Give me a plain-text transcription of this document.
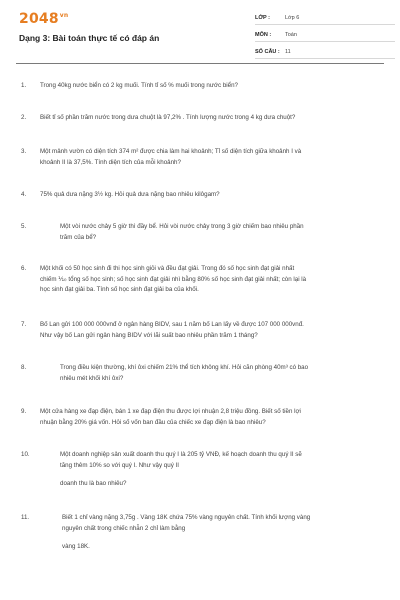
$2048^{vn}$
Dạng 3: Bài toán thực tế có đáp án
LỚP :	Lớp 6
MÔN :	Toán
SỐ CÂU : 11
1.	Trong 40kg nước biển có 2 kg muối. Tính tỉ số % muối trong nước biển?
2.	Biết tỉ số phần trăm nước trong dưa chuột là 97,2% . Tính lượng nước trong 4 kg dưa chuột?
3.	Một mảnh vườn có diện tích 374 m² được chia làm hai khoảnh; Tỉ số diện tích giữa khoảnh I và
khoảnh II là 37,5%. Tính diện tích của mỗi khoảnh?
4.	75% quả dưa nặng 3½ kg. Hỏi quả dưa nặng bao nhiêu kilôgam?
5.	Một vòi nước chảy 5 giờ thì đầy bể. Hỏi vòi nước chảy trong 3 giờ chiếm bao nhiêu phần
trăm của bể?
6.	Một khối có 50 học sinh đi thi học sinh giỏi và đều đạt giải. Trong đó số học sinh đạt giải nhất
chiếm ⅒ tổng số học sinh; số học sinh đạt giải nhì bằng 80% số học sinh đạt giải nhất; còn lại là
học sinh đạt giải ba. Tính số học sinh đạt giải ba của khối.
7.	Bố Lan gửi 100 000 000vnđ ở ngân hàng BIDV, sau 1 năm bố Lan lấy về được 107 000 000vnđ.
Như vậy bố Lan gửi ngân hàng BIDV với lãi suất bao nhiêu phần trăm 1 tháng?
8.	Trong điều kiện thường, khí ôxi chiếm 21% thể tích không khí. Hỏi căn phòng 40m³ có bao
nhiêu mét khối khí ôxi?
9.	Một cửa hàng xe đạp điện, bán 1 xe đạp điện thu được lợi nhuận 2,8 triệu đồng. Biết số tiền lợi
nhuận bằng 20% giá vốn. Hỏi số vốn ban đầu của chiếc xe đạp điện là bao nhiêu?
10.	Một doanh nghiệp sản xuất doanh thu quý I là 205 tỷ VNĐ, kế hoạch doanh thu quý II sẽ
tăng thêm 10% so với quý I. Như vậy quý II
doanh thu là bao nhiêu?
11.	Biết 1 chỉ vàng nặng 3,75g . Vàng 18K chứa 75% vàng nguyên chất. Tính khối lượng vàng
nguyên chất trong chiếc nhẫn 2 chỉ làm bằng
vàng 18K.
